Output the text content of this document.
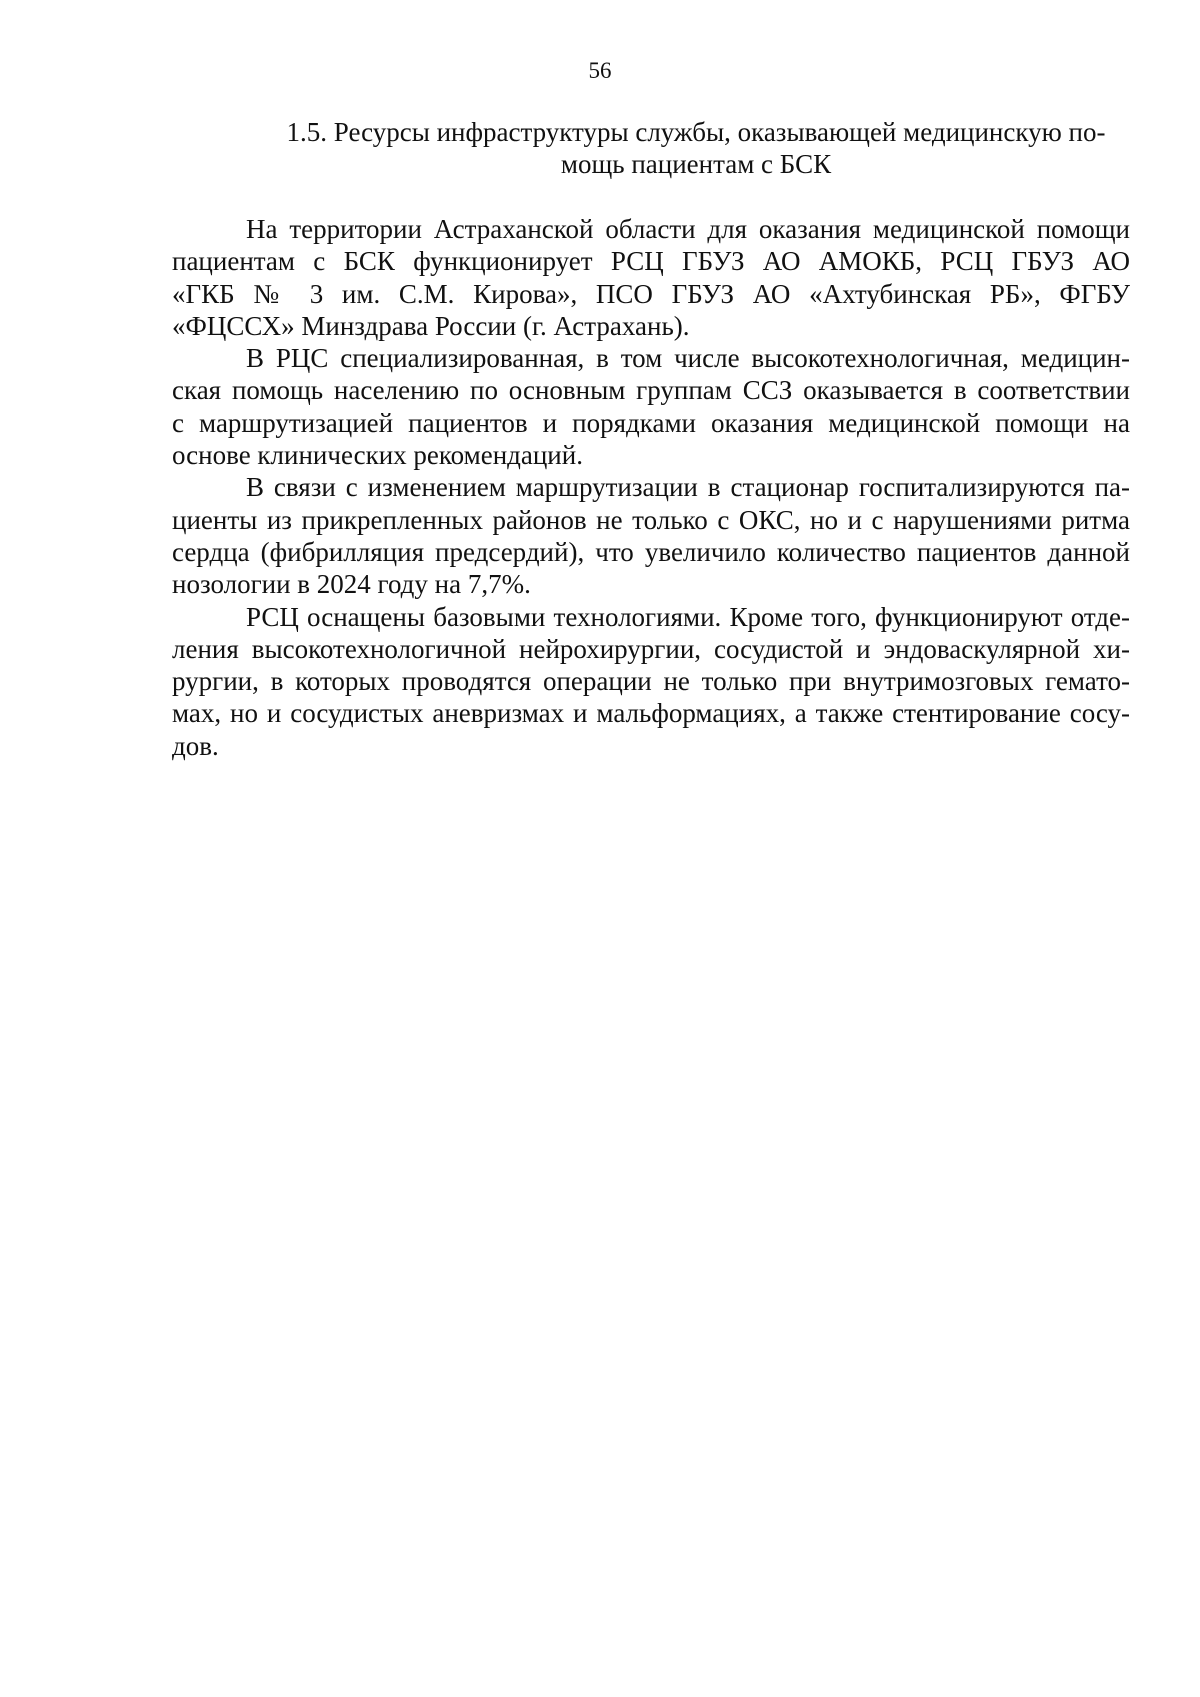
56
1.5. Ресурсы инфраструктуры службы, оказывающей медицинскую по-
мощь пациентам с БСК
На территории Астраханской области для оказания медицинской помощи
пациентам с БСК функционирует РСЦ ГБУЗ АО АМОКБ, РСЦ ГБУЗ АО
«ГКБ № 3 им. С.М. Кирова», ПСО ГБУЗ АО «Ахтубинская РБ», ФГБУ
«ФЦССХ» Минздрава России (г. Астрахань).
В РЦС специализированная, в том числе высокотехнологичная, медицин-
ская помощь населению по основным группам ССЗ оказывается в соответствии
с маршрутизацией пациентов и порядками оказания медицинской помощи на
основе клинических рекомендаций.
В связи с изменением маршрутизации в стационар госпитализируются па-
циенты из прикрепленных районов не только с ОКС, но и с нарушениями ритма
сердца (фибрилляция предсердий), что увеличило количество пациентов данной
нозологии в 2024 году на 7,7%.
РСЦ оснащены базовыми технологиями. Кроме того, функционируют отде-
ления высокотехнологичной нейрохирургии, сосудистой и эндоваскулярной хи-
рургии, в которых проводятся операции не только при внутримозговых гемато-
мах, но и сосудистых аневризмах и мальформациях, а также стентирование сосу-
дов.
